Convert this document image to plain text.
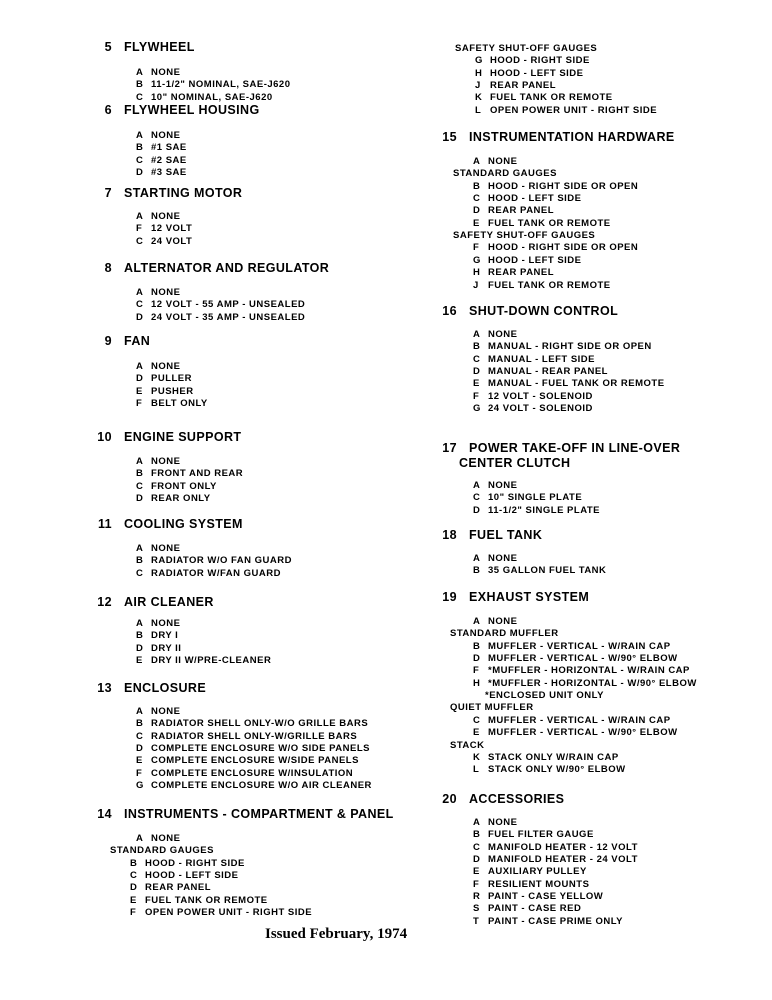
5 FLYWHEEL
A NONE
B 11-1/2" NOMINAL, SAE-J620
C 10" NOMINAL, SAE-J620
6 FLYWHEEL HOUSING
A NONE
B #1 SAE
C #2 SAE
D #3 SAE
7 STARTING MOTOR
A NONE
F 12 VOLT
C 24 VOLT
8 ALTERNATOR AND REGULATOR
A NONE
C 12 VOLT - 55 AMP - UNSEALED
D 24 VOLT - 35 AMP - UNSEALED
9 FAN
A NONE
D PULLER
E PUSHER
F BELT ONLY
10 ENGINE SUPPORT
A NONE
B FRONT AND REAR
C FRONT ONLY
D REAR ONLY
11 COOLING SYSTEM
A NONE
B RADIATOR W/O FAN GUARD
C RADIATOR W/FAN GUARD
12 AIR CLEANER
A NONE
B DRY I
D DRY II
E DRY II W/PRE-CLEANER
13 ENCLOSURE
A NONE
B RADIATOR SHELL ONLY-W/O GRILLE BARS
C RADIATOR SHELL ONLY-W/GRILLE BARS
D COMPLETE ENCLOSURE W/O SIDE PANELS
E COMPLETE ENCLOSURE W/SIDE PANELS
F COMPLETE ENCLOSURE W/INSULATION
G COMPLETE ENCLOSURE W/O AIR CLEANER
14 INSTRUMENTS - COMPARTMENT & PANEL
A NONE
STANDARD GAUGES
B HOOD - RIGHT SIDE
C HOOD - LEFT SIDE
D REAR PANEL
E FUEL TANK OR REMOTE
F OPEN POWER UNIT - RIGHT SIDE
SAFETY SHUT-OFF GAUGES
G HOOD - RIGHT SIDE
H HOOD - LEFT SIDE
J REAR PANEL
K FUEL TANK OR REMOTE
L OPEN POWER UNIT - RIGHT SIDE
15 INSTRUMENTATION HARDWARE
A NONE
STANDARD GAUGES
B HOOD - RIGHT SIDE OR OPEN
C HOOD - LEFT SIDE
D REAR PANEL
E FUEL TANK OR REMOTE
SAFETY SHUT-OFF GAUGES
F HOOD - RIGHT SIDE OR OPEN
G HOOD - LEFT SIDE
H REAR PANEL
J FUEL TANK OR REMOTE
16 SHUT-DOWN CONTROL
A NONE
B MANUAL - RIGHT SIDE OR OPEN
C MANUAL - LEFT SIDE
D MANUAL - REAR PANEL
E MANUAL - FUEL TANK OR REMOTE
F 12 VOLT - SOLENOID
G 24 VOLT - SOLENOID
17 POWER TAKE-OFF IN LINE-OVER
CENTER CLUTCH
A NONE
C 10" SINGLE PLATE
D 11-1/2" SINGLE PLATE
18 FUEL TANK
A NONE
B 35 GALLON FUEL TANK
19 EXHAUST SYSTEM
A NONE
STANDARD MUFFLER
B MUFFLER - VERTICAL - W/RAIN CAP
D MUFFLER - VERTICAL - W/90° ELBOW
F *MUFFLER - HORIZONTAL - W/RAIN CAP
H *MUFFLER - HORIZONTAL - W/90° ELBOW
*ENCLOSED UNIT ONLY
QUIET MUFFLER
C MUFFLER - VERTICAL - W/RAIN CAP
E MUFFLER - VERTICAL - W/90° ELBOW
STACK
K STACK ONLY W/RAIN CAP
L STACK ONLY W/90° ELBOW
20 ACCESSORIES
A NONE
B FUEL FILTER GAUGE
C MANIFOLD HEATER - 12 VOLT
D MANIFOLD HEATER - 24 VOLT
E AUXILIARY PULLEY
F RESILIENT MOUNTS
R PAINT - CASE YELLOW
S PAINT - CASE RED
T PAINT - CASE PRIME ONLY
Issued February, 1974
